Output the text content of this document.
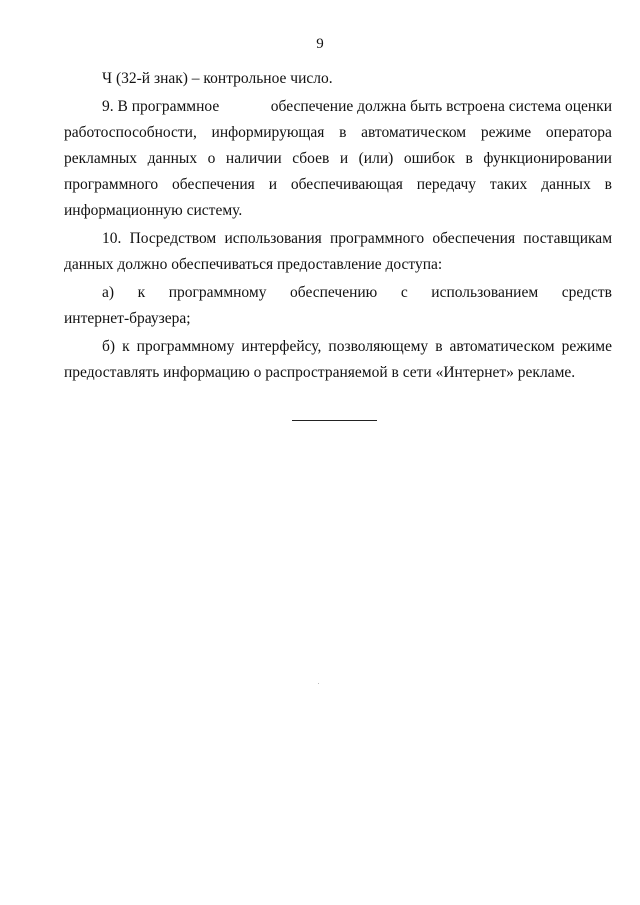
9
Ч (32-й знак) – контрольное число.
9. В программное	обеспечение должна быть встроена система оценки
работоспособности, информирующая в автоматическом режиме оператора
рекламных данных о наличии сбоев и (или) ошибок в функционировании
программного обеспечения и обеспечивающая передачу таких данных в
информационную систему.
10. Посредством использования программного обеспечения поставщикам
данных должно обеспечиваться предоставление доступа:
а) к программному обеспечению с использованием средств
интернет-браузера;
б) к программному интерфейсу, позволяющему в автоматическом режиме
предоставлять информацию о распространяемой в сети «Интернет» рекламе.
